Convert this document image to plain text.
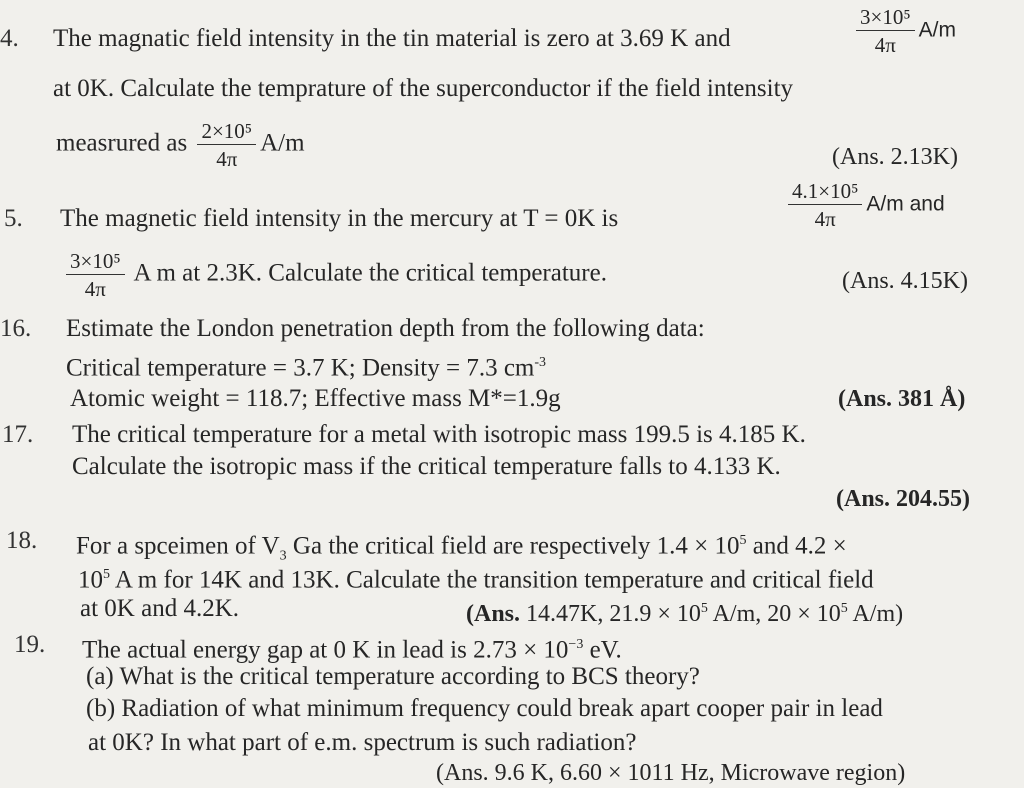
4. The magnatic field intensity in the tin material is zero at 3.69 K and	$\frac{\text{3×10⁵}}{4\pi} A/m$
at 0K. Calculate the temprature of the superconductor if the field intensity
measrured as $\frac{\text{2×10⁵}}{4\pi} A/m$
(Ans. 2.13K)
5. The magnetic field intensity in the mercury at T = 0K is	$\frac{\text{4.1×10⁵}}{4\pi} A/m$ and
$\frac{\text{3×10⁵}}{4\pi}$ A m at 2.3K. Calculate the critical temperature.	(Ans. 4.15K)
16. Estimate the London penetration depth from the following data:
Critical temperature = 3.7 K; Density = 7.3 $cm^{-3}$
Atomic weight = 118.7; Effective mass M*=1.9g	(Ans. 381 Å)
17. The critical temperature for a metal with isotropic mass 199.5 is 4.185 K.
Calculate the isotropic mass if the critical temperature falls to 4.133 K.
(Ans. 204.55)
18. For a spceimen of $V_3$ Ga the critical field are respectively $1.4 \times 10^5$ and 4.2 ×
$10^5$ A m for 14K and 13K. Calculate the transition temperature and critical field
at 0K and 4.2K.	(Ans. 14.47K, $21.9 \times 10^5$ A/m, $20 \times 10^5$ A/m)
19. The actual energy gap at 0 K in lead is $2.73 \times 10^{-3}$ eV.
(a) What is the critical temperature according to BCS theory?
(b) Radiation of what minimum frequency could break apart cooper pair in lead
at 0K? In what part of e.m. spectrum is such radiation?
(Ans. 9.6 K, 6.60 × 1011 Hz, Microwave region)
